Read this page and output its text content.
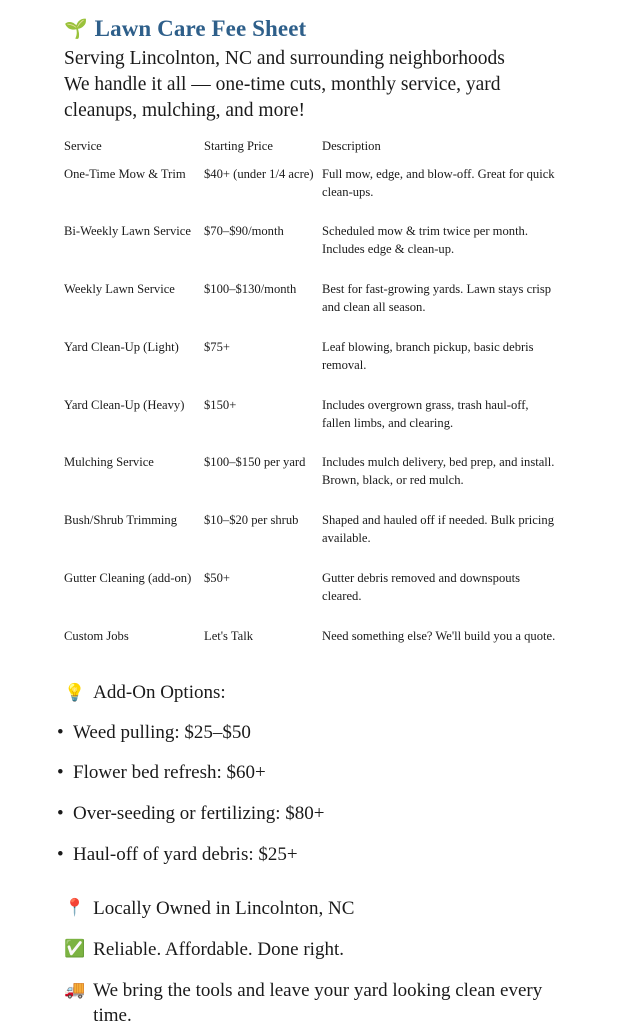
🌱 Lawn Care Fee Sheet

Serving Lincolnton, NC and surrounding neighborhoods

We handle it all — one-time cuts, monthly service, yard

cleanups, mulching, and more!

Service	Starting Price	Description
One-Time Mow & Trim	$40+ (under 1/4 acre)	Full mow, edge, and blow-off. Great for quick clean-ups.
Bi-Weekly Lawn Service	$70–$90/month	Scheduled mow & trim twice per month. Includes edge & clean-up.
Weekly Lawn Service	$100–$130/month	Best for fast-growing yards. Lawn stays crisp and clean all season.
Yard Clean-Up (Light)	$75+	Leaf blowing, branch pickup, basic debris removal.
Yard Clean-Up (Heavy)	$150+	Includes overgrown grass, trash haul-off, fallen limbs, and clearing.
Mulching Service	$100–$150 per yard	Includes mulch delivery, bed prep, and install. Brown, black, or red mulch.
Bush/Shrub Trimming	$10–$20 per shrub	Shaped and hauled off if needed. Bulk pricing available.
Gutter Cleaning (add-on)	$50+	Gutter debris removed and downspouts cleared.
Custom Jobs	Let's Talk	Need something else? We'll build you a quote.
💡 Add-On Options:
• Weed pulling: $25–$50
• Flower bed refresh: $60+
• Over-seeding or fertilizing: $80+
• Haul-off of yard debris: $25+
📍 Locally Owned in Lincolnton, NC
✅ Reliable. Affordable. Done right.
🚚 We bring the tools and leave your yard looking clean every time.
